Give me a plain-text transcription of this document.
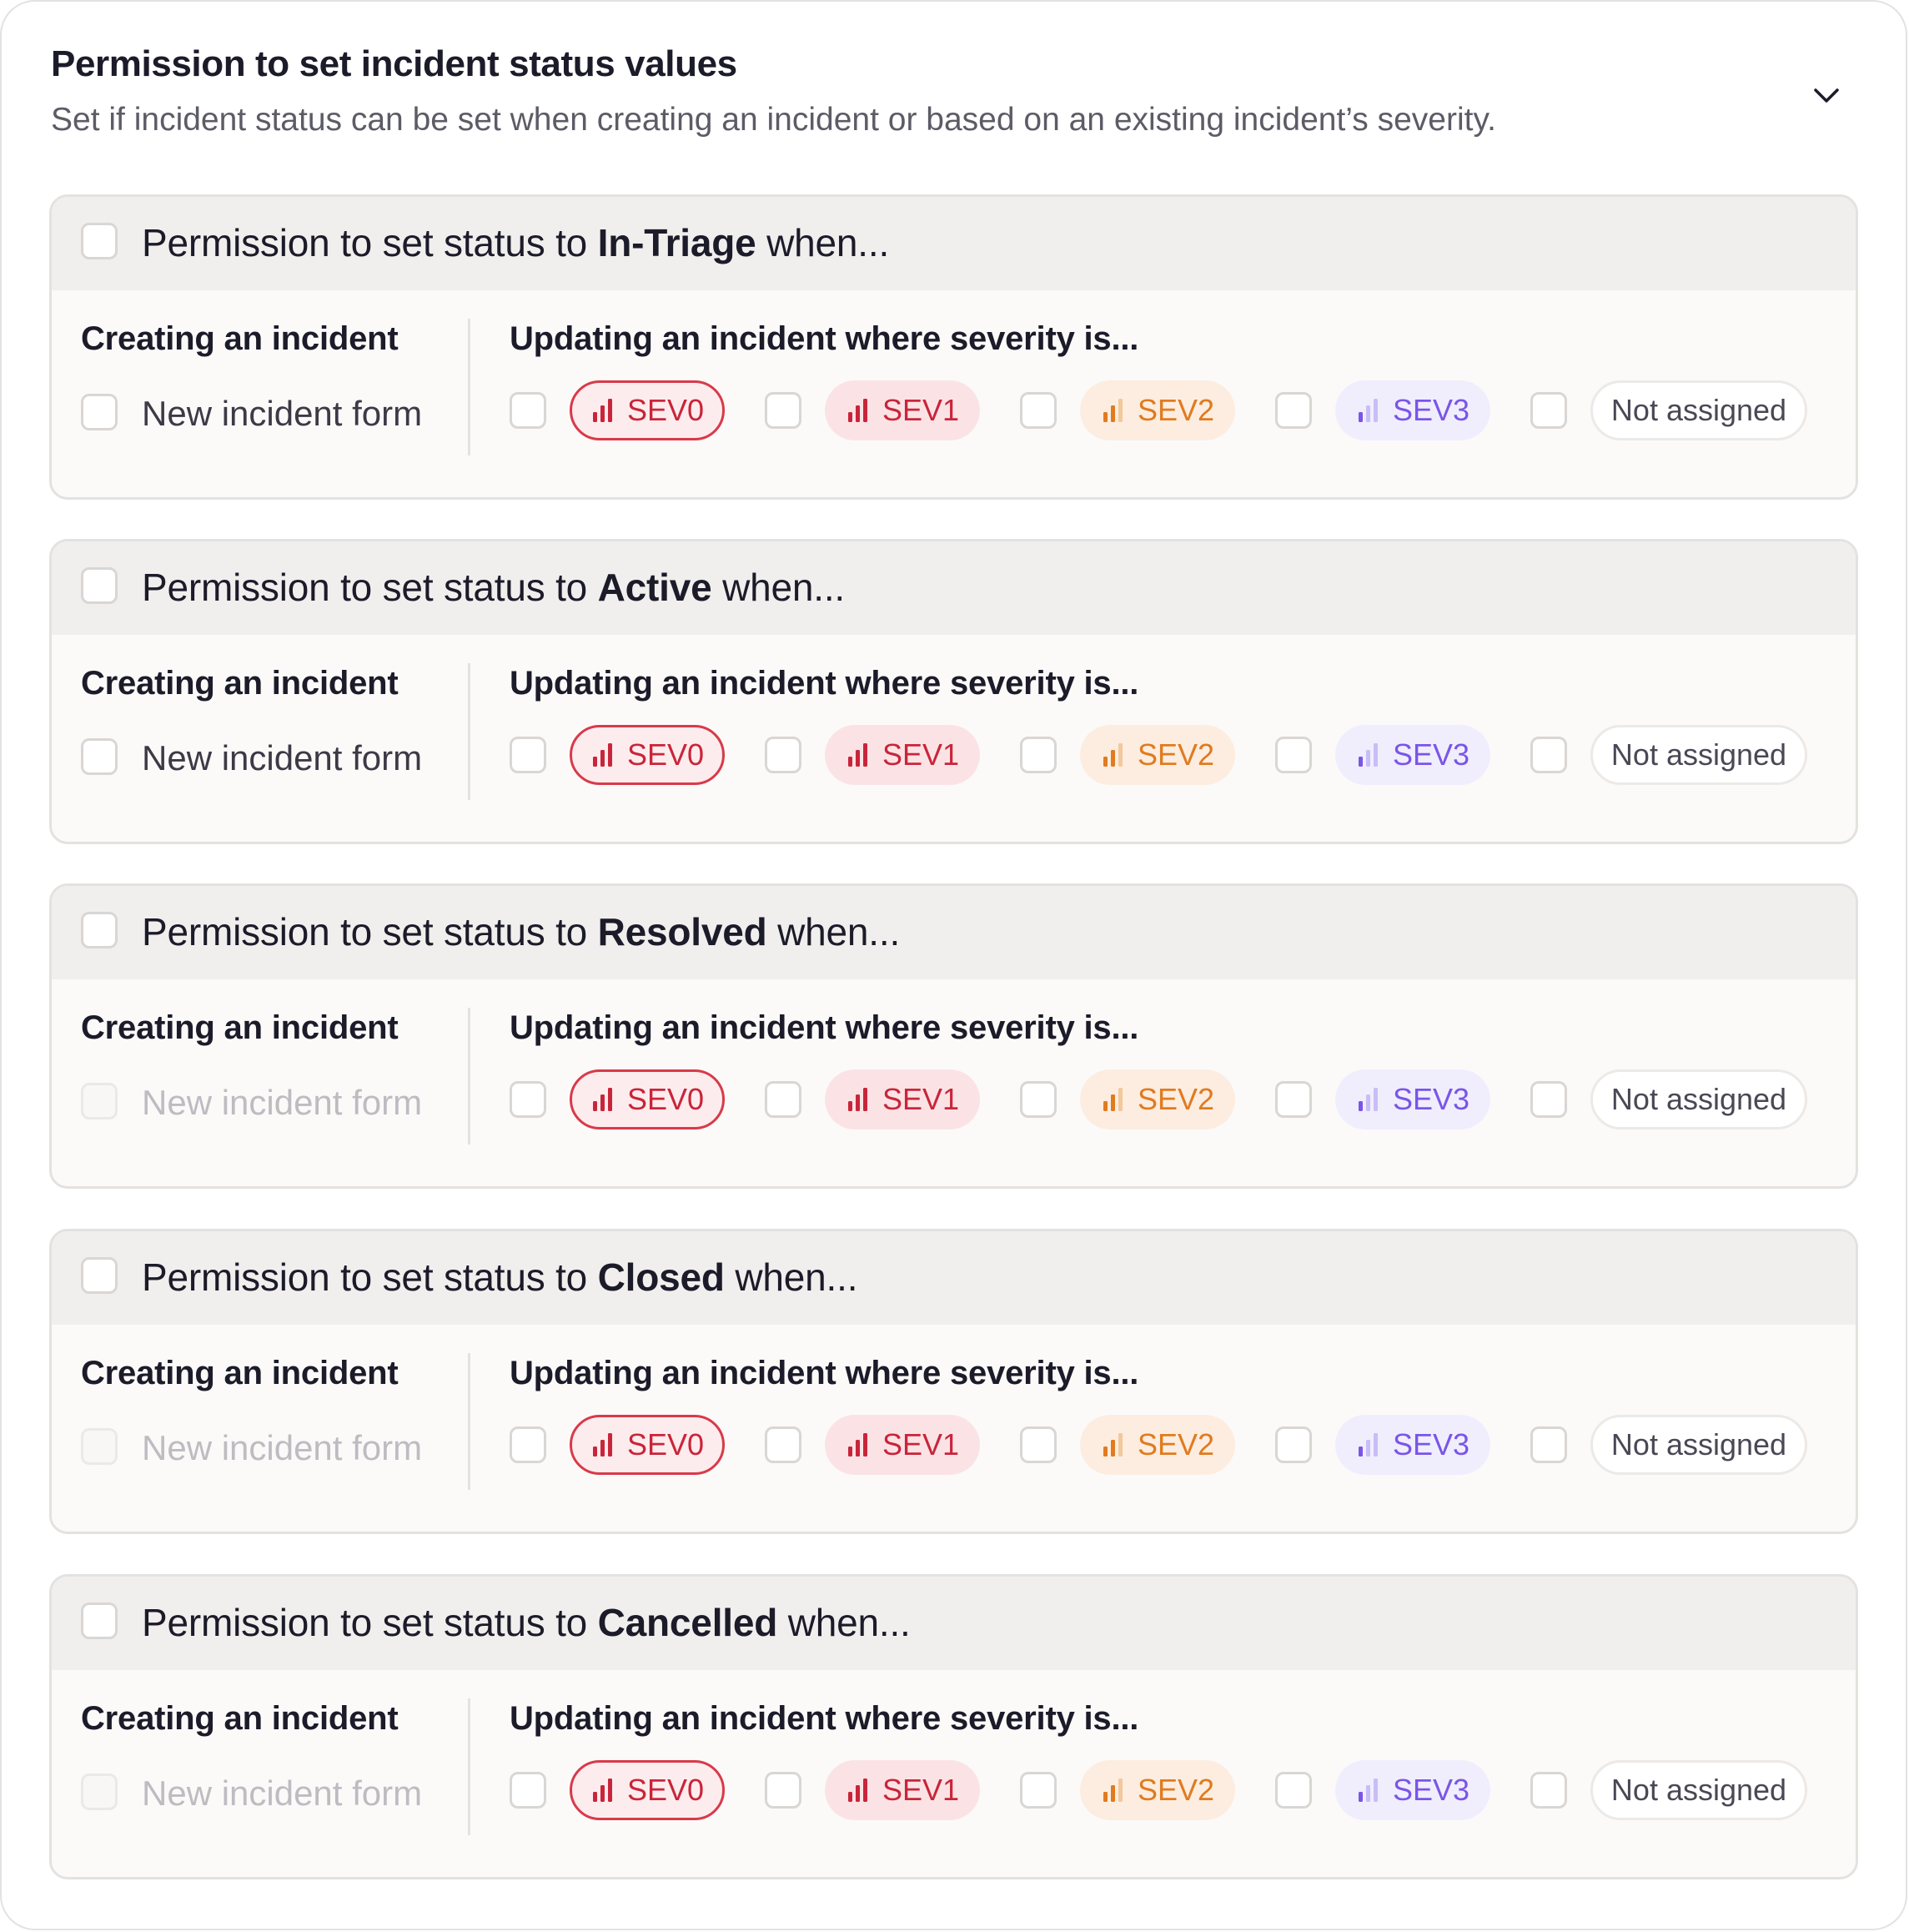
Permission to set incident status values
Set if incident status can be set when creating an incident or based on an existing incident’s severity.
Permission to set status to In-Triage when...
Creating an incident	Updating an incident where severity is...
New incident form	SEV0	SEV1	SEV2	SEV3	Not assigned
Permission to set status to Active when...
Creating an incident	Updating an incident where severity is...
New incident form	SEV0	SEV1	SEV2	SEV3	Not assigned
Permission to set status to Resolved when...
Creating an incident	Updating an incident where severity is...
New incident form	SEV0	SEV1	SEV2	SEV3	Not assigned
Permission to set status to Closed when...
Creating an incident	Updating an incident where severity is...
New incident form	SEV0	SEV1	SEV2	SEV3	Not assigned
Permission to set status to Cancelled when...
Creating an incident	Updating an incident where severity is...
New incident form	SEV0	SEV1	SEV2	SEV3	Not assigned
